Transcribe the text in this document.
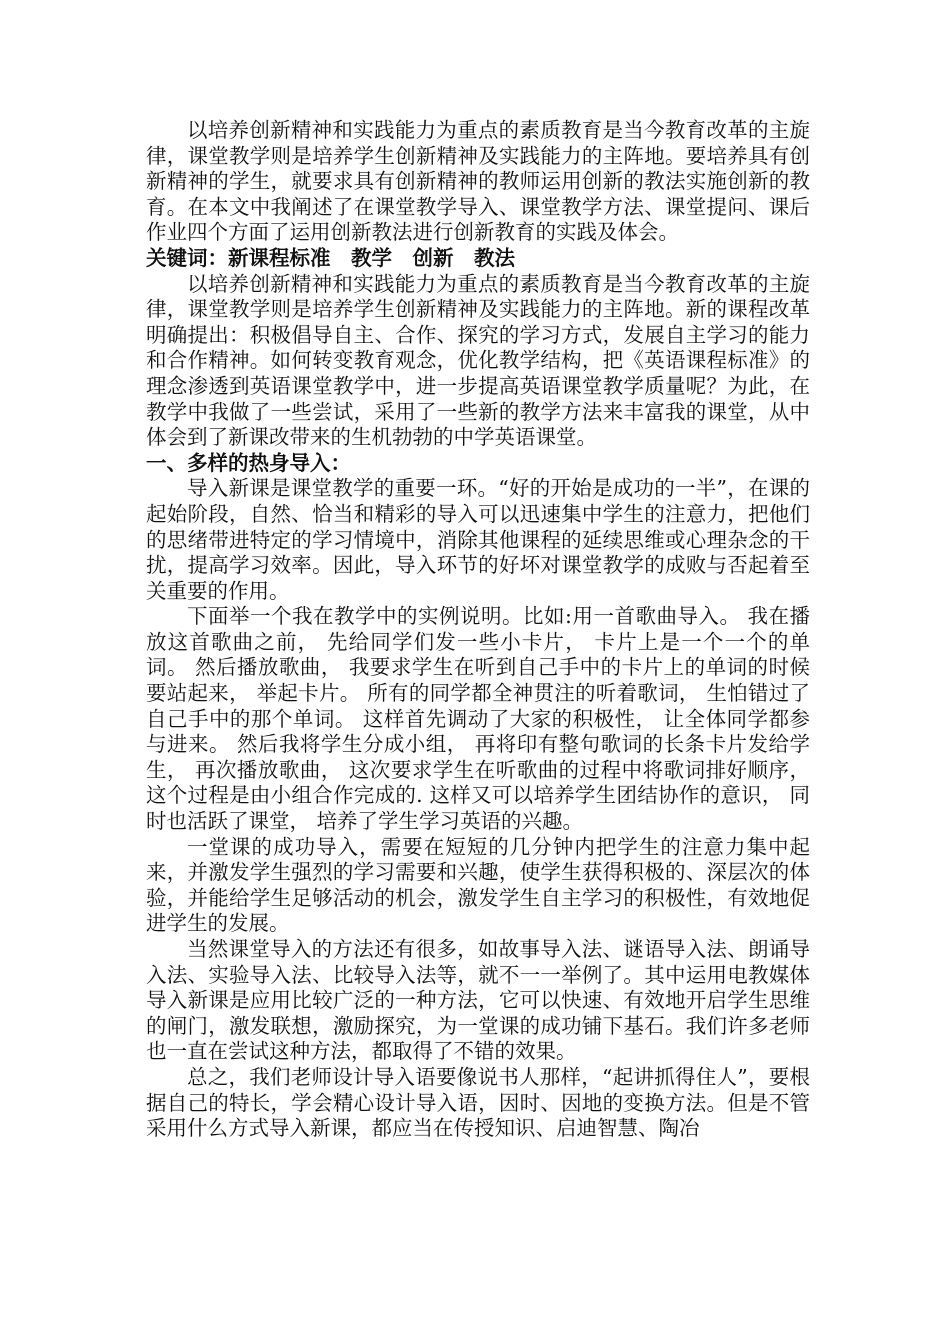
以培养创新精神和实践能力为重点的素质教育是当今教育改革的主旋律，课堂教学则是培养学生创新精神及实践能力的主阵地。要培养具有创新精神的学生，就要求具有创新精神的教师运用创新的教法实施创新的教育。在本文中我阐述了在课堂教学导入、课堂教学方法、课堂提问、课后作业四个方面了运用创新教法进行创新教育的实践及体会。

关键词：新课程标准　教学　创新　教法

以培养创新精神和实践能力为重点的素质教育是当今教育改革的主旋律，课堂教学则是培养学生创新精神及实践能力的主阵地。新的课程改革明确提出：积极倡导自主、合作、探究的学习方式，发展自主学习的能力和合作精神。如何转变教育观念，优化教学结构，把《英语课程标准》的理念渗透到英语课堂教学中，进一步提高英语课堂教学质量呢？为此，在教学中我做了一些尝试，采用了一些新的教学方法来丰富我的课堂，从中体会到了新课改带来的生机勃勃的中学英语课堂。

一、多样的热身导入：

导入新课是课堂教学的重要一环。“好的开始是成功的一半”，在课的起始阶段，自然、恰当和精彩的导入可以迅速集中学生的注意力，把他们的思绪带进特定的学习情境中，消除其他课程的延续思维或心理杂念的干扰，提高学习效率。因此，导入环节的好坏对课堂教学的成败与否起着至关重要的作用。

下面举一个我在教学中的实例说明。比如:用一首歌曲导入。 我在播放这首歌曲之前， 先给同学们发一些小卡片， 卡片上是一个一个的单词。 然后播放歌曲， 我要求学生在听到自己手中的卡片上的单词的时候要站起来， 举起卡片。 所有的同学都全神贯注的听着歌词， 生怕错过了自己手中的那个单词。 这样首先调动了大家的积极性， 让全体同学都参与进来。 然后我将学生分成小组， 再将印有整句歌词的长条卡片发给学生， 再次播放歌曲， 这次要求学生在听歌曲的过程中将歌词排好顺序，这个过程是由小组合作完成的. 这样又可以培养学生团结协作的意识， 同时也活跃了课堂， 培养了学生学习英语的兴趣。

一堂课的成功导入，需要在短短的几分钟内把学生的注意力集中起来，并激发学生强烈的学习需要和兴趣，使学生获得积极的、深层次的体验，并能给学生足够活动的机会，激发学生自主学习的积极性，有效地促进学生的发展。

当然课堂导入的方法还有很多，如故事导入法、谜语导入法、朗诵导入法、实验导入法、比较导入法等，就不一一举例了。其中运用电教媒体导入新课是应用比较广泛的一种方法，它可以快速、有效地开启学生思维的闸门，激发联想，激励探究，为一堂课的成功铺下基石。我们许多老师也一直在尝试这种方法，都取得了不错的效果。

总之，我们老师设计导入语要像说书人那样，“起讲抓得住人”，要根据自己的特长，学会精心设计导入语，因时、因地的变换方法。但是不管采用什么方式导入新课，都应当在传授知识、启迪智慧、陶冶
